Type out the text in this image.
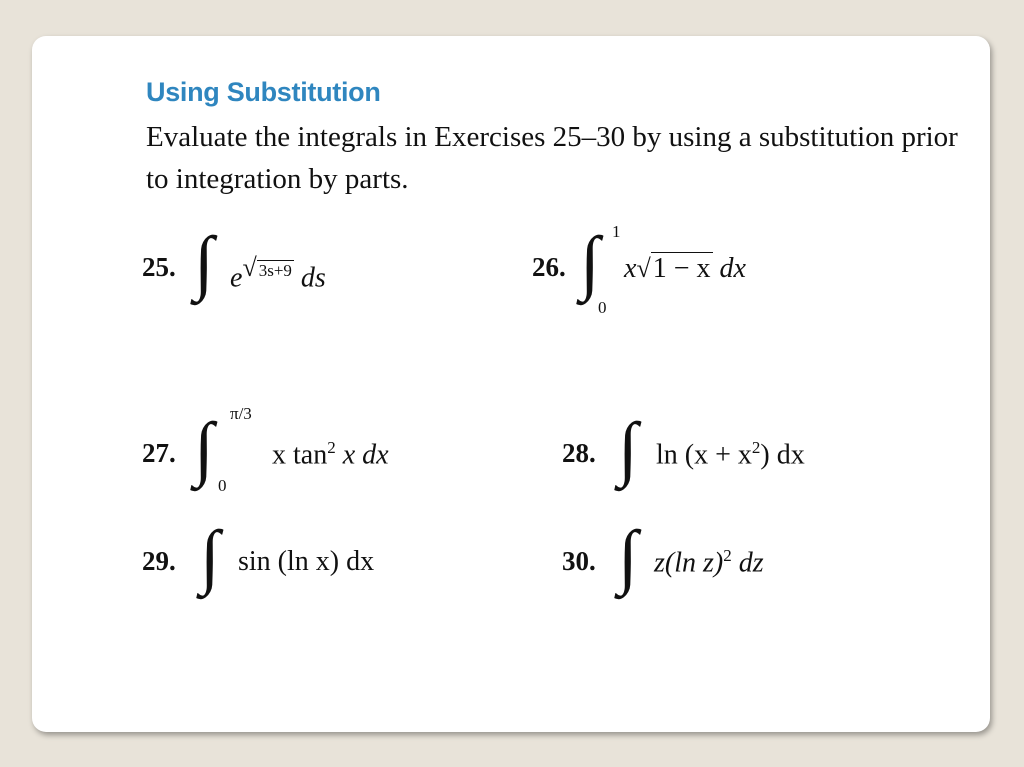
Using Substitution
Evaluate the integrals in Exercises 25–30 by using a substitution prior to integration by parts.
25. ∫ $e^{√ 3s+9}$ ds	26. ∫ 1
0
x√1 − x dx
27. ∫ π/3
0
x $\tan^2 x$ dx	28. ∫ $\ln (x + x^2)$ dx
29. ∫ sin (ln x) dx	30. ∫ z(ln z)$^2$ dz
